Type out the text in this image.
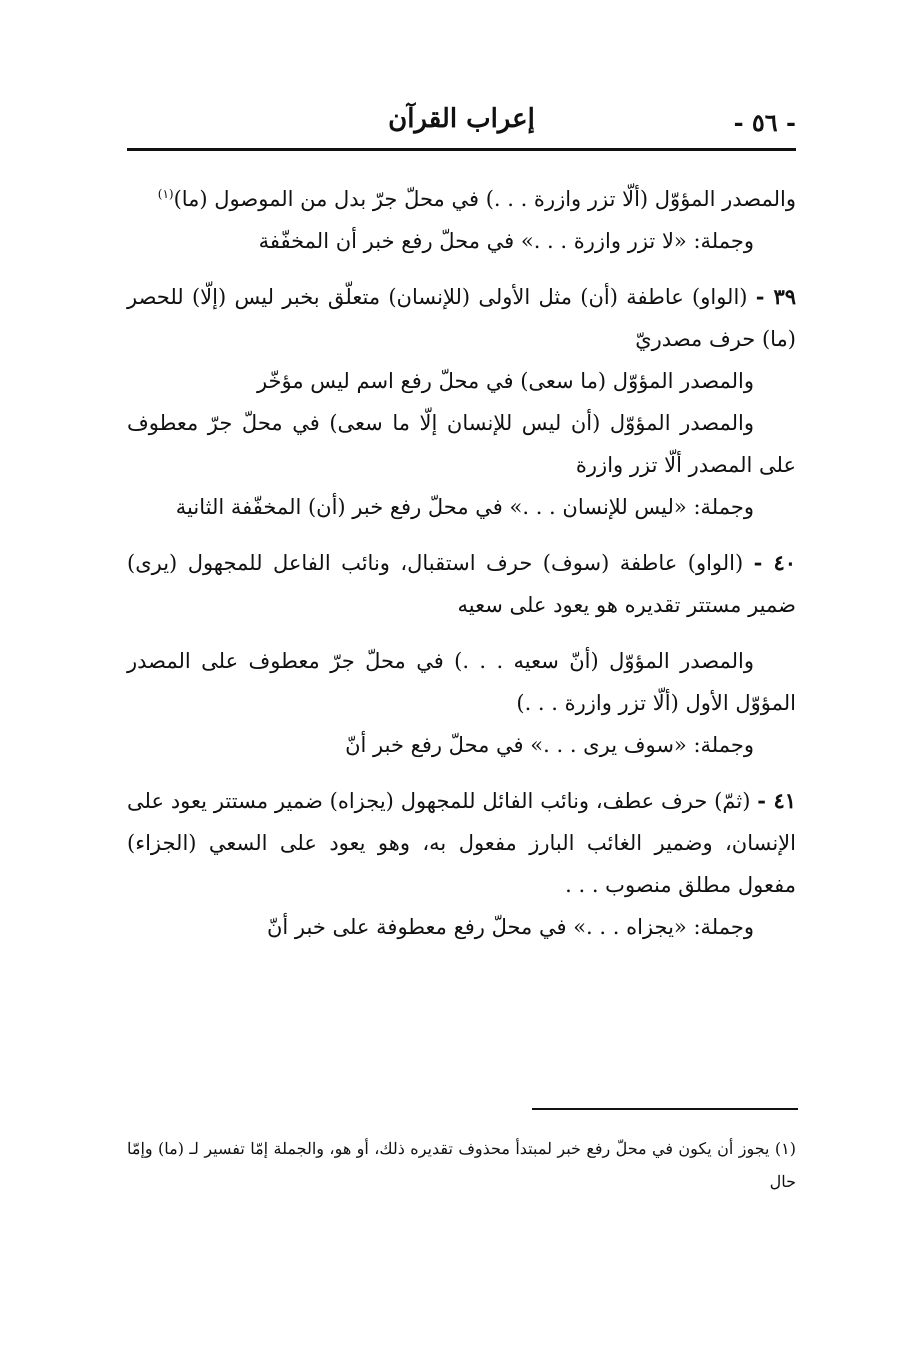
- ٥٦ -
إعراب القرآن

والمصدر المؤوّل (ألّا تزر وازرة . . .) في محلّ جرّ بدل من الموصول (ما)$^{(١)}$

وجملة: «لا تزر وازرة . . .» في محلّ رفع خبر أن المخفّفة

٣٩ - (الواو) عاطفة (أن) مثل الأولى (للإنسان) متعلّق بخبر ليس (إلّا) للحصر (ما) حرف مصدريّ

والمصدر المؤوّل (ما سعى) في محلّ رفع اسم ليس مؤخّر

والمصدر المؤوّل (أن ليس للإنسان إلّا ما سعى) في محلّ جرّ معطوف على المصدر ألّا تزر وازرة

وجملة: «ليس للإنسان . . .» في محلّ رفع خبر (أن) المخفّفة الثانية

٤٠ - (الواو) عاطفة (سوف) حرف استقبال، ونائب الفاعل للمجهول (يرى) ضمير مستتر تقديره هو يعود على سعيه

والمصدر المؤوّل (أنّ سعيه . . .) في محلّ جرّ معطوف على المصدر المؤوّل الأول (ألّا تزر وازرة . . .)

وجملة: «سوف يرى . . .» في محلّ رفع خبر أنّ

٤١ - (ثمّ) حرف عطف، ونائب الفائل للمجهول (يجزاه) ضمير مستتر يعود على الإنسان، وضمير الغائب البارز مفعول به، وهو يعود على السعي (الجزاء) مفعول مطلق منصوب . . .

وجملة: «يجزاه . . .» في محلّ رفع معطوفة على خبر أنّ

(١) يجوز أن يكون في محلّ رفع خبر لمبتدأ محذوف تقديره ذلك، أو هو، والجملة إمّا تفسير لـ (ما) وإمّا حال
